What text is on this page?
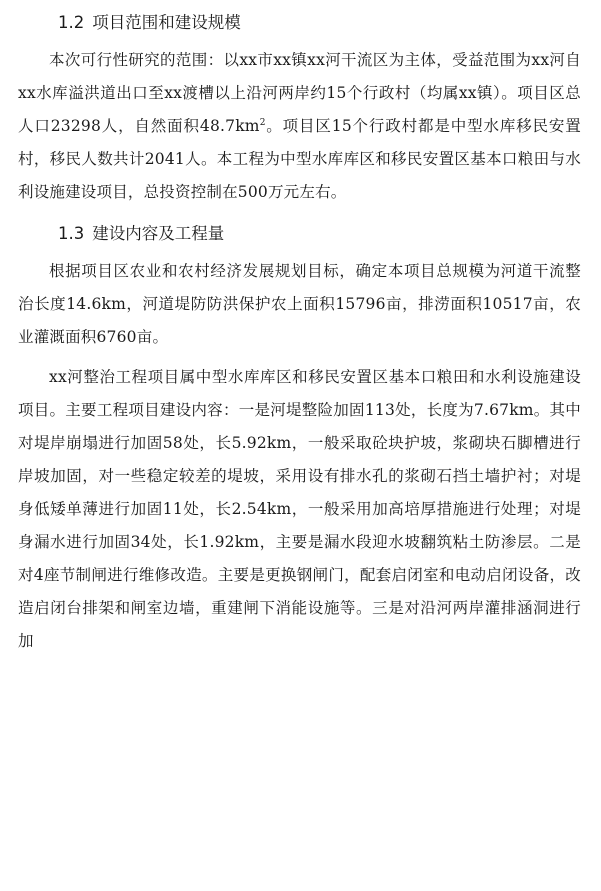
1.2 项目范围和建设规模

本次可行性研究的范围：以xx市xx镇xx河干流区为主体，受益范围为xx河自xx水库溢洪道出口至xx渡槽以上沿河两岸约15个行政村（均属xx镇）。项目区总人口23298人，自然面积$48.7km^2$。项目区15个行政村都是中型水库移民安置村，移民人数共计2041人。本工程为中型水库库区和移民安置区基本口粮田与水利设施建设项目，总投资控制在500万元左右。

1.3 建设内容及工程量

根据项目区农业和农村经济发展规划目标，确定本项目总规模为河道干流整治长度14.6km，河道堤防防洪保护农上面积15796亩，排涝面积10517亩，农业灌溉面积6760亩。

xx河整治工程项目属中型水库库区和移民安置区基本口粮田和水利设施建设项目。主要工程项目建设内容：一是河堤整险加固113处，长度为7.67km。其中对堤岸崩塌进行加固58处，长5.92km，一般采取砼块护坡，浆砌块石脚槽进行岸坡加固，对一些稳定较差的堤坡，采用设有排水孔的浆砌石挡土墙护衬；对堤身低矮单薄进行加固11处，长2.54km，一般采用加高培厚措施进行处理；对堤身漏水进行加固34处，长1.92km，主要是漏水段迎水坡翻筑粘土防渗层。二是对4座节制闸进行维修改造。主要是更换钢闸门，配套启闭室和电动启闭设备，改造启闭台排架和闸室边墙，重建闸下消能设施等。三是对沿河两岸灌排涵洞进行加
